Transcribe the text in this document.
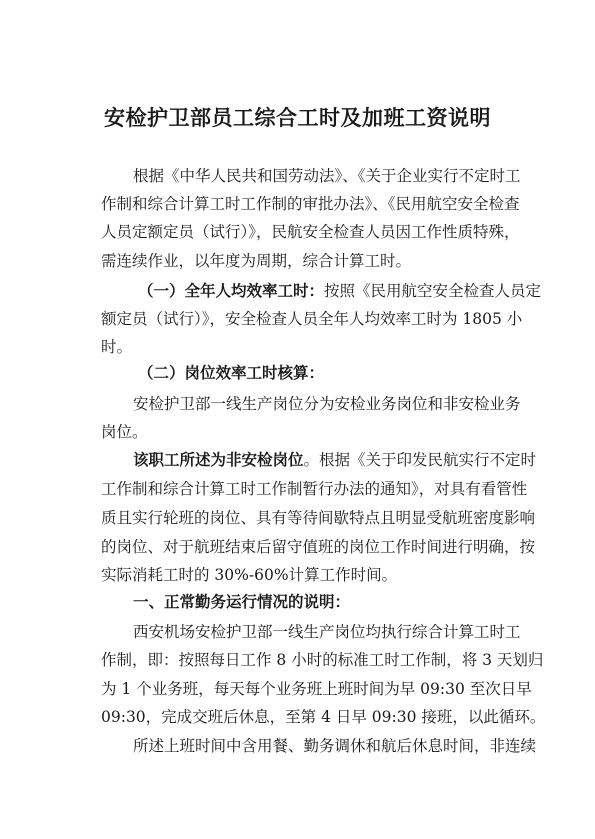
安检护卫部员工综合工时及加班工资说明
根据《中华人民共和国劳动法》、《关于企业实行不定时工
作制和综合计算工时工作制的审批办法》、《民用航空安全检查
人员定额定员（试行）》，民航安全检查人员因工作性质特殊，
需连续作业，以年度为周期，综合计算工时。
（一）全年人均效率工时：按照《民用航空安全检查人员定
额定员（试行）》，安全检查人员全年人均效率工时为 1805 小
时。
（二）岗位效率工时核算：
安检护卫部一线生产岗位分为安检业务岗位和非安检业务
岗位。
该职工所述为非安检岗位。根据《关于印发民航实行不定时
工作制和综合计算工时工作制暂行办法的通知》，对具有看管性
质且实行轮班的岗位、具有等待间歇特点且明显受航班密度影响
的岗位、对于航班结束后留守值班的岗位工作时间进行明确，按
实际消耗工时的 30%-60%计算工作时间。
一、正常勤务运行情况的说明：
西安机场安检护卫部一线生产岗位均执行综合计算工时工
作制，即：按照每日工作 8 小时的标准工时工作制，将 3 天划归
为 1 个业务班，每天每个业务班上班时间为早 09:30 至次日早
09:30，完成交班后休息，至第 4 日早 09:30 接班，以此循环。
所述上班时间中含用餐、勤务调休和航后休息时间，非连续
